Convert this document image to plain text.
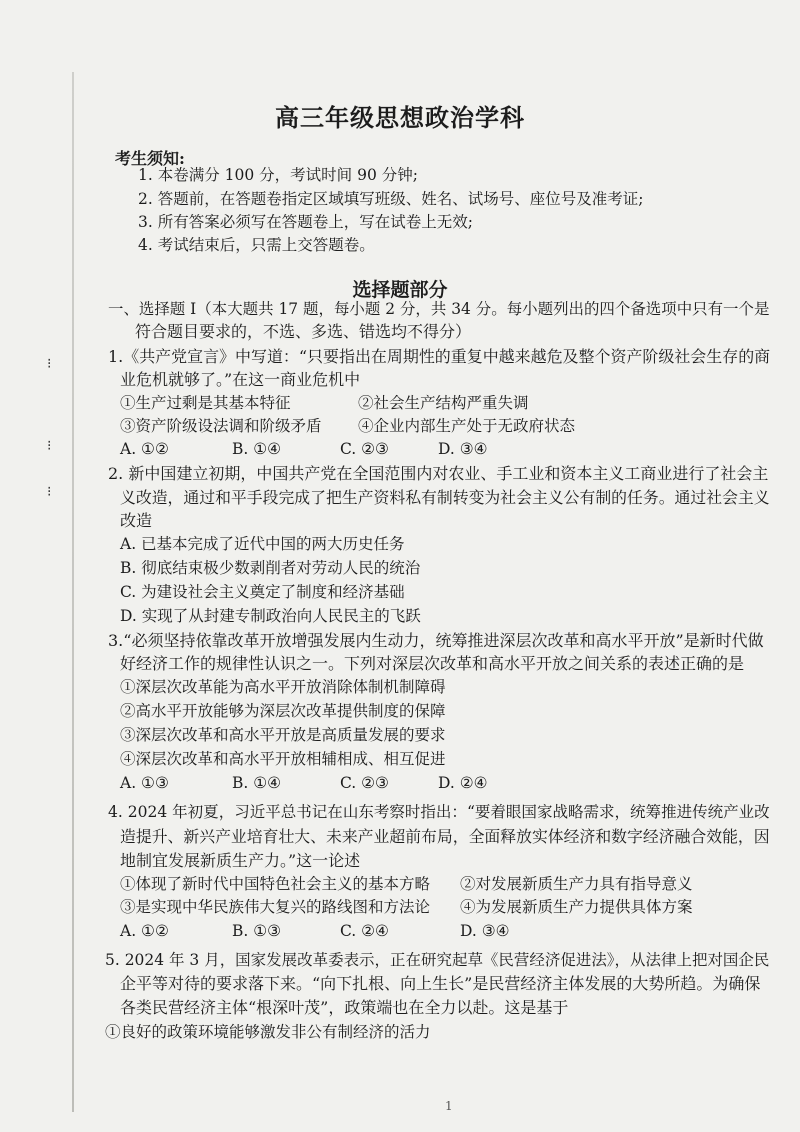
⁝
⁝
⁝
高三年级思想政治学科
考生须知:
1. 本卷满分 100 分，考试时间 90 分钟;
2. 答题前，在答题卷指定区域填写班级、姓名、试场号、座位号及准考证;
3. 所有答案必须写在答题卷上，写在试卷上无效;
4. 考试结束后，只需上交答题卷。
选择题部分
一、选择题 I（本大题共 17 题，每小题 2 分，共 34 分。每小题列出的四个备选项中只有一个是
符合题目要求的，不选、多选、错选均不得分）
1.《共产党宣言》中写道：“只要指出在周期性的重复中越来越危及整个资产阶级社会生存的商
业危机就够了。”在这一商业危机中
①生产过剩是其基本特征	②社会生产结构严重失调
③资产阶级设法调和阶级矛盾 ④企业内部生产处于无政府状态
A. ①②	B. ①④	C. ②③	D. ③④
2. 新中国建立初期，中国共产党在全国范围内对农业、手工业和资本主义工商业进行了社会主
义改造，通过和平手段完成了把生产资料私有制转变为社会主义公有制的任务。通过社会主义
改造
A. 已基本完成了近代中国的两大历史任务
B. 彻底结束极少数剥削者对劳动人民的统治
C. 为建设社会主义奠定了制度和经济基础
D. 实现了从封建专制政治向人民民主的飞跃
3.“必须坚持依靠改革开放增强发展内生动力，统筹推进深层次改革和高水平开放”是新时代做
好经济工作的规律性认识之一。下列对深层次改革和高水平开放之间关系的表述正确的是
①深层次改革能为高水平开放消除体制机制障碍
②高水平开放能够为深层次改革提供制度的保障
③深层次改革和高水平开放是高质量发展的要求
④深层次改革和高水平开放相辅相成、相互促进
A. ①③	B. ①④	C. ②③	D. ②④
4. 2024 年初夏，习近平总书记在山东考察时指出：“要着眼国家战略需求，统筹推进传统产业改
造提升、新兴产业培育壮大、未来产业超前布局，全面释放实体经济和数字经济融合效能，因
地制宜发展新质生产力。”这一论述
①体现了新时代中国特色社会主义的基本方略 ②对发展新质生产力具有指导意义
③是实现中华民族伟大复兴的路线图和方法论 ④为发展新质生产力提供具体方案
A. ①②	B. ①③	C. ②④	D. ③④
5. 2024 年 3 月，国家发展改革委表示，正在研究起草《民营经济促进法》，从法律上把对国企民
企平等对待的要求落下来。“向下扎根、向上生长”是民营经济主体发展的大势所趋。为确保
各类民营经济主体“根深叶茂”，政策端也在全力以赴。这是基于
①良好的政策环境能够激发非公有制经济的活力
1
